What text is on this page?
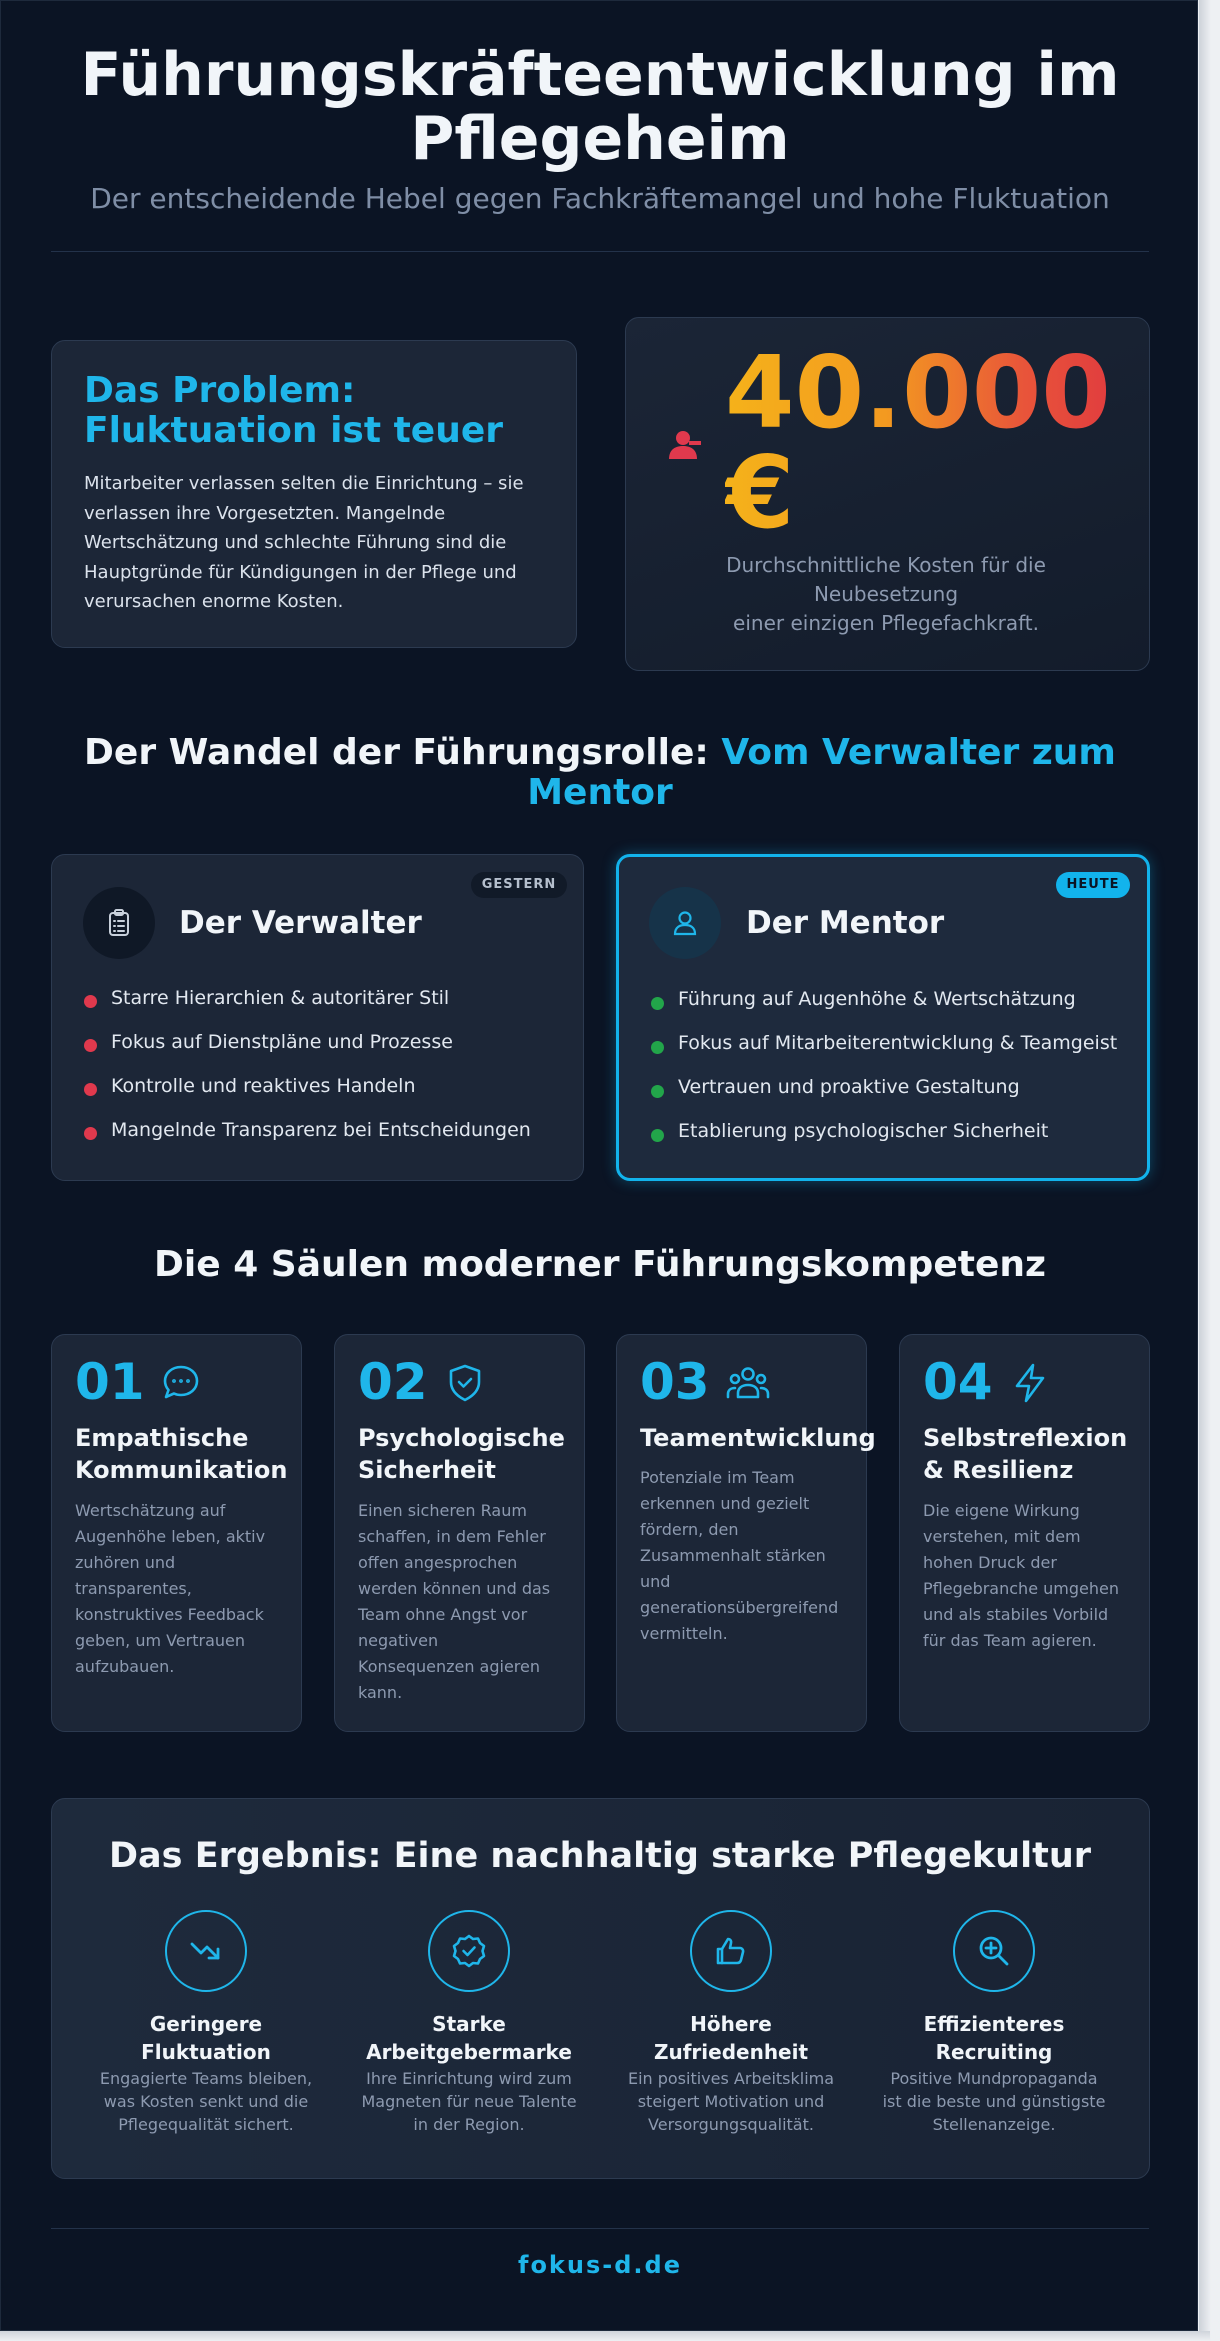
Führungskräfteentwicklung im
Pflegeheim
Der entscheidende Hebel gegen Fachkräftemangel und hohe Fluktuation
Das Problem:
Fluktuation ist teuer
Mitarbeiter verlassen selten die Einrichtung – sie verlassen ihre Vorgesetzten. Mangelnde Wertschätzung und schlechte Führung sind die Hauptgründe für Kündigungen in der Pflege und verursachen enorme Kosten.
40.000
€
Durchschnittliche Kosten für die Neubesetzung
einer einzigen Pflegefachkraft.
Der Wandel der Führungsrolle: Vom Verwalter zum
Mentor
GESTERN
Der Verwalter
Starre Hierarchien & autoritärer Stil
Fokus auf Dienstpläne und Prozesse
Kontrolle und reaktives Handeln
Mangelnde Transparenz bei Entscheidungen
HEUTE
Der Mentor
Führung auf Augenhöhe & Wertschätzung
Fokus auf Mitarbeiterentwicklung & Teamgeist
Vertrauen und proaktive Gestaltung
Etablierung psychologischer Sicherheit
Die 4 Säulen moderner Führungskompetenz
01
Empathische
Kommunikation
Wertschätzung auf
Augenhöhe leben, aktiv
zuhören und
transparentes,
konstruktives Feedback
geben, um Vertrauen
aufzubauen.
02
Psychologische
Sicherheit
Einen sicheren Raum
schaffen, in dem Fehler
offen angesprochen
werden können und das
Team ohne Angst vor
negativen
Konsequenzen agieren
kann.
03
Teamentwicklung
Potenziale im Team
erkennen und gezielt
fördern, den
Zusammenhalt stärken
und
generationsübergreifend
vermitteln.
04
Selbstreflexion
& Resilienz
Die eigene Wirkung
verstehen, mit dem
hohen Druck der
Pflegebranche umgehen
und als stabiles Vorbild
für das Team agieren.
Das Ergebnis: Eine nachhaltig starke Pflegekultur
Geringere
Fluktuation
Engagierte Teams bleiben,
was Kosten senkt und die
Pflegequalität sichert.
Starke
Arbeitgebermarke
Ihre Einrichtung wird zum
Magneten für neue Talente
in der Region.
Höhere
Zufriedenheit
Ein positives Arbeitsklima
steigert Motivation und
Versorgungsqualität.
Effizienteres
Recruiting
Positive Mundpropaganda
ist die beste und günstigste
Stellenanzeige.
fokus-d.de
